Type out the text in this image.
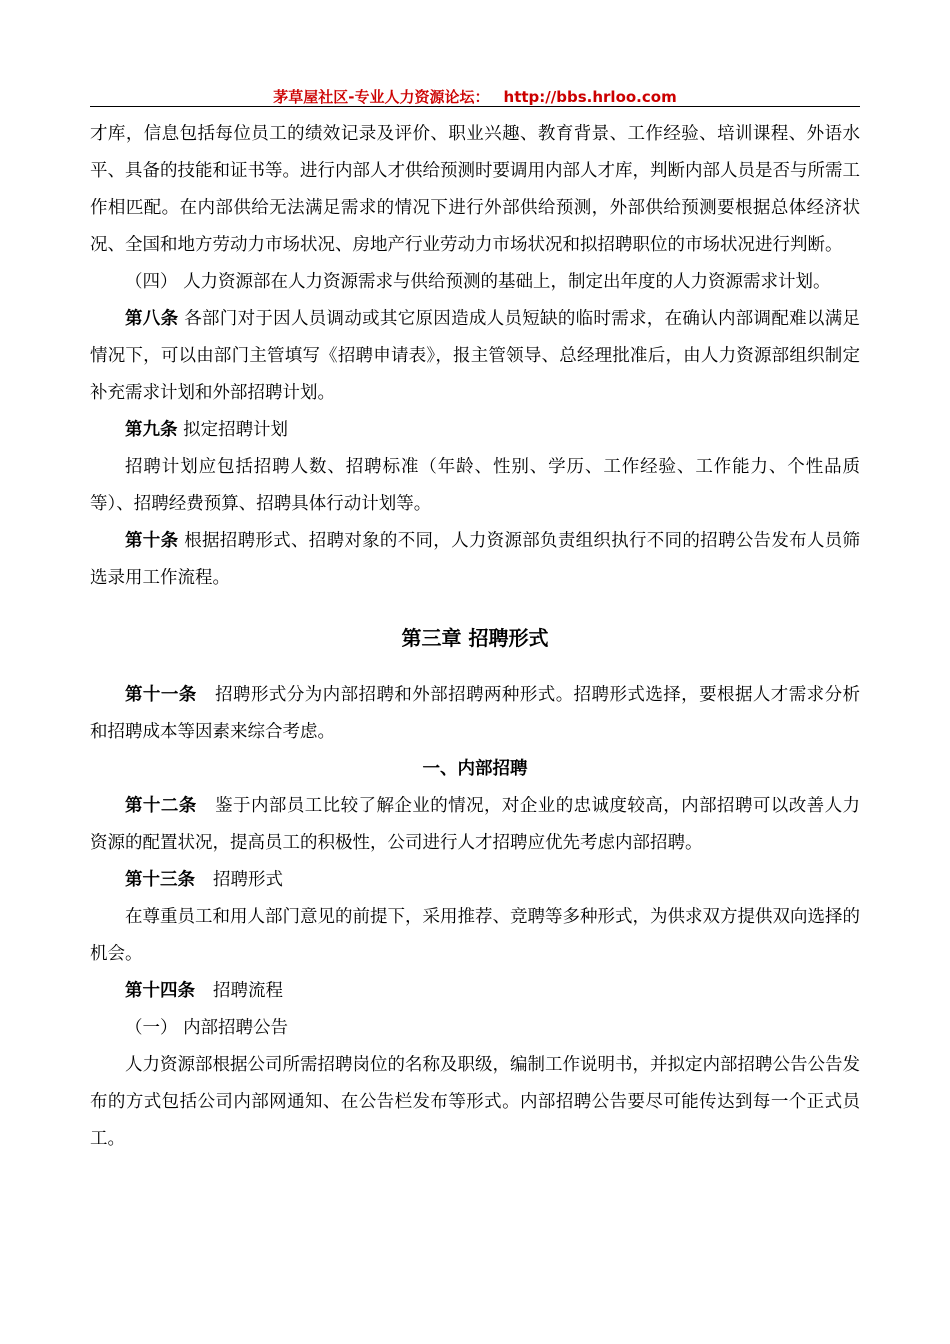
茅草屋社区-专业人力资源论坛： http://bbs.hrloo.com

才库，信息包括每位员工的绩效记录及评价、职业兴趣、教育背景、工作经验、培训课程、外语水平、具备的技能和证书等。进行内部人才供给预测时要调用内部人才库，判断内部人员是否与所需工作相匹配。在内部供给无法满足需求的情况下进行外部供给预测，外部供给预测要根据总体经济状况、全国和地方劳动力市场状况、房地产行业劳动力市场状况和拟招聘职位的市场状况进行判断。

（四） 人力资源部在人力资源需求与供给预测的基础上，制定出年度的人力资源需求计划。

第八条 各部门对于因人员调动或其它原因造成人员短缺的临时需求，在确认内部调配难以满足情况下，可以由部门主管填写《招聘申请表》，报主管领导、总经理批准后，由人力资源部组织制定补充需求计划和外部招聘计划。

第九条 拟定招聘计划

招聘计划应包括招聘人数、招聘标准（年龄、性别、学历、工作经验、工作能力、个性品质等）、招聘经费预算、招聘具体行动计划等。

第十条 根据招聘形式、招聘对象的不同，人力资源部负责组织执行不同的招聘公告发布人员筛选录用工作流程。

第三章 招聘形式

第十一条 招聘形式分为内部招聘和外部招聘两种形式。招聘形式选择，要根据人才需求分析和招聘成本等因素来综合考虑。

一、内部招聘

第十二条 鉴于内部员工比较了解企业的情况，对企业的忠诚度较高，内部招聘可以改善人力资源的配置状况，提高员工的积极性，公司进行人才招聘应优先考虑内部招聘。

第十三条 招聘形式

在尊重员工和用人部门意见的前提下，采用推荐、竞聘等多种形式，为供求双方提供双向选择的机会。

第十四条 招聘流程

（一） 内部招聘公告

人力资源部根据公司所需招聘岗位的名称及职级，编制工作说明书，并拟定内部招聘公告公告发布的方式包括公司内部网通知、在公告栏发布等形式。内部招聘公告要尽可能传达到每一个正式员工。
